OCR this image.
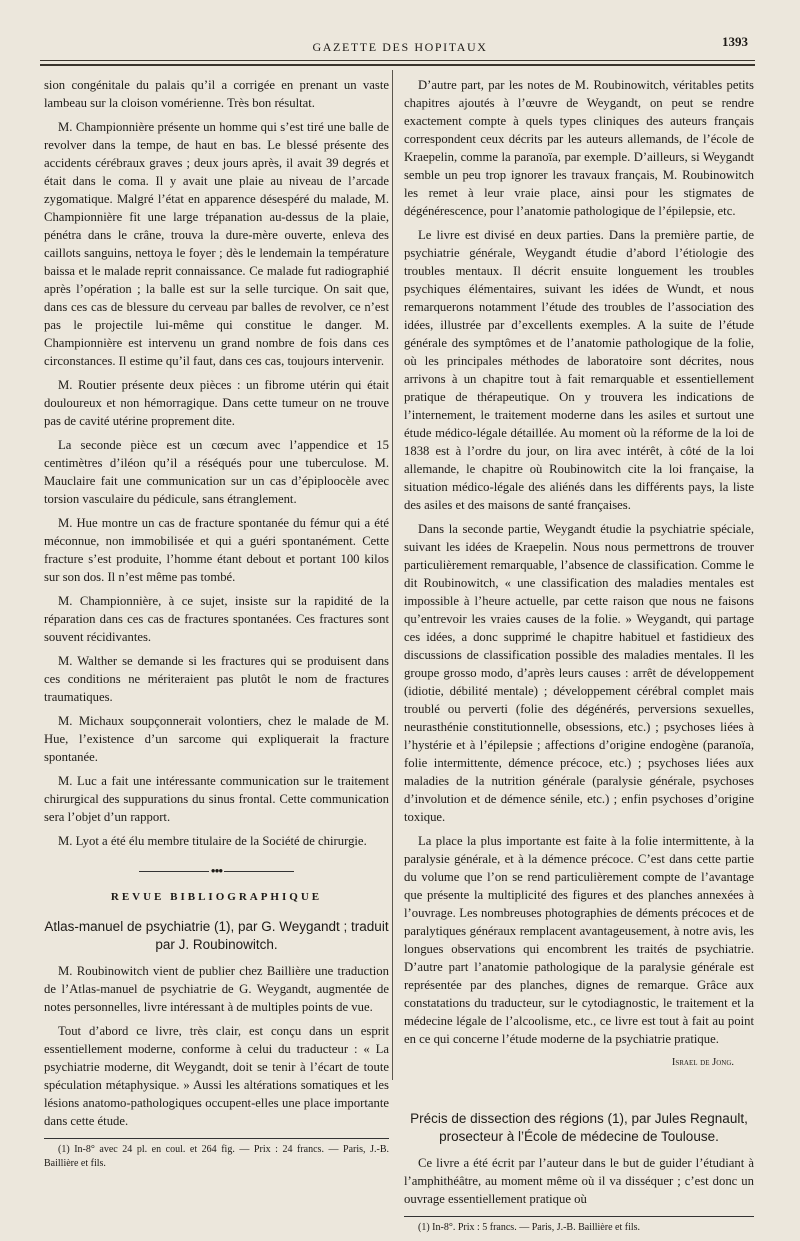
GAZETTE DES HOPITAUX	1393

sion congénitale du palais qu’il a corrigée en prenant un vaste lambeau sur la cloison vomérienne. Très bon résultat.

M. Championnière présente un homme qui s’est tiré une balle de revolver dans la tempe, de haut en bas. Le blessé présente des accidents cérébraux graves ; deux jours après, il avait 39 degrés et était dans le coma. Il y avait une plaie au niveau de l’arcade zygomatique. Malgré l’état en apparence désespéré du malade, M. Championnière fit une large trépanation au-dessus de la plaie, pénétra dans le crâne, trouva la dure-mère ouverte, enleva des caillots sanguins, nettoya le foyer ; dès le lendemain la température baissa et le malade reprit connaissance. Ce malade fut radiographié après l’opération ; la balle est sur la selle turcique. On sait que, dans ces cas de blessure du cerveau par balles de revolver, ce n’est pas le projectile lui-même qui constitue le danger. M. Championnière est intervenu un grand nombre de fois dans ces circonstances. Il estime qu’il faut, dans ces cas, toujours intervenir.

M. Routier présente deux pièces : un fibrome utérin qui était douloureux et non hémorragique. Dans cette tumeur on ne trouve pas de cavité utérine proprement dite.

La seconde pièce est un cœcum avec l’appendice et 15 centimètres d’iléon qu’il a réséqués pour une tuberculose. M. Mauclaire fait une communication sur un cas d’épiploocèle avec torsion vasculaire du pédicule, sans étranglement.

M. Hue montre un cas de fracture spontanée du fémur qui a été méconnue, non immobilisée et qui a guéri spontanément. Cette fracture s’est produite, l’homme étant debout et portant 100 kilos sur son dos. Il n’est même pas tombé.

M. Championnière, à ce sujet, insiste sur la rapidité de la réparation dans ces cas de fractures spontanées. Ces fractures sont souvent récidivantes.

M. Walther se demande si les fractures qui se produisent dans ces conditions ne mériteraient pas plutôt le nom de fractures traumatiques.

M. Michaux soupçonnerait volontiers, chez le malade de M. Hue, l’existence d’un sarcome qui expliquerait la fracture spontanée.

M. Luc a fait une intéressante communication sur le traitement chirurgical des suppurations du sinus frontal. Cette communication sera l’objet d’un rapport.

M. Lyot a été élu membre titulaire de la Société de chirurgie.

●●●
REVUE BIBLIOGRAPHIQUE
Atlas-manuel de psychiatrie (1), par G. Weygandt ; traduit par J. Roubinowitch.

M. Roubinowitch vient de publier chez Baillière une traduction de l’Atlas-manuel de psychiatrie de G. Weygandt, augmentée de notes personnelles, livre intéressant à de multiples points de vue.

Tout d’abord ce livre, très clair, est conçu dans un esprit essentiellement moderne, conforme à celui du traducteur : « La psychiatrie moderne, dit Weygandt, doit se tenir à l’écart de toute spéculation métaphysique. » Aussi les altérations somatiques et les lésions anatomo-pathologiques occupent-elles une place importante dans cette étude.

(1) In-8° avec 24 pl. en coul. et 264 fig. — Prix : 24 francs. — Paris, J.-B. Baillière et fils.

D’autre part, par les notes de M. Roubinowitch, véritables petits chapitres ajoutés à l’œuvre de Weygandt, on peut se rendre exactement compte à quels types cliniques des auteurs français correspondent ceux décrits par les auteurs allemands, de l’école de Kraepelin, comme la paranoïa, par exemple. D’ailleurs, si Weygandt semble un peu trop ignorer les travaux français, M. Roubinowitch les remet à leur vraie place, ainsi pour les stigmates de dégénérescence, pour l’anatomie pathologique de l’épilepsie, etc.

Le livre est divisé en deux parties. Dans la première partie, de psychiatrie générale, Weygandt étudie d’abord l’étiologie des troubles mentaux. Il décrit ensuite longuement les troubles psychiques élémentaires, suivant les idées de Wundt, et nous remarquerons notamment l’étude des troubles de l’association des idées, illustrée par d’excellents exemples. A la suite de l’étude générale des symptômes et de l’anatomie pathologique de la folie, où les principales méthodes de laboratoire sont décrites, nous arrivons à un chapitre tout à fait remarquable et essentiellement pratique de thérapeutique. On y trouvera les indications de l’internement, le traitement moderne dans les asiles et surtout une étude médico-légale détaillée. Au moment où la réforme de la loi de 1838 est à l’ordre du jour, on lira avec intérêt, à côté de la loi allemande, le chapitre où Roubinowitch cite la loi française, la situation médico-légale des aliénés dans les différents pays, la liste des asiles et des maisons de santé françaises.

Dans la seconde partie, Weygandt étudie la psychiatrie spéciale, suivant les idées de Kraepelin. Nous nous permettrons de trouver particulièrement remarquable, l’absence de classification. Comme le dit Roubinowitch, « une classification des maladies mentales est impossible à l’heure actuelle, par cette raison que nous ne faisons qu’entrevoir les vraies causes de la folie. » Weygandt, qui partage ces idées, a donc supprimé le chapitre habituel et fastidieux des discussions de classification possible des maladies mentales. Il les groupe grosso modo, d’après leurs causes : arrêt de développement (idiotie, débilité mentale) ; développement cérébral complet mais troublé ou perverti (folie des dégénérés, perversions sexuelles, neurasthénie constitutionnelle, obsessions, etc.) ; psychoses liées à l’hystérie et à l’épilepsie ; affections d’origine endogène (paranoïa, folie intermittente, démence précoce, etc.) ; psychoses liées aux maladies de la nutrition générale (paralysie générale, psychoses d’involution et de démence sénile, etc.) ; enfin psychoses d’origine toxique.

La place la plus importante est faite à la folie intermittente, à la paralysie générale, et à la démence précoce. C’est dans cette partie du volume que l’on se rend particulièrement compte de l’avantage que présente la multiplicité des figures et des planches annexées à l’ouvrage. Les nombreuses photographies de déments précoces et de paralytiques généraux remplacent avantageusement, à notre avis, les longues observations qui encombrent les traités de psychiatrie. D’autre part l’anatomie pathologique de la paralysie générale est représentée par des planches, dignes de remarque. Grâce aux constatations du traducteur, sur le cytodiagnostic, le traitement et la médecine légale de l’alcoolisme, etc., ce livre est tout à fait au point en ce qui concerne l’étude moderne de la psychiatrie pratique.

Israel de Jong.
Précis de dissection des régions (1), par Jules Regnault, prosecteur à l’École de médecine de Toulouse.

Ce livre a été écrit par l’auteur dans le but de guider l’étudiant à l’amphithéâtre, au moment même où il va disséquer ; c’est donc un ouvrage essentiellement pratique où

(1) In-8°. Prix : 5 francs. — Paris, J.-B. Baillière et fils.
